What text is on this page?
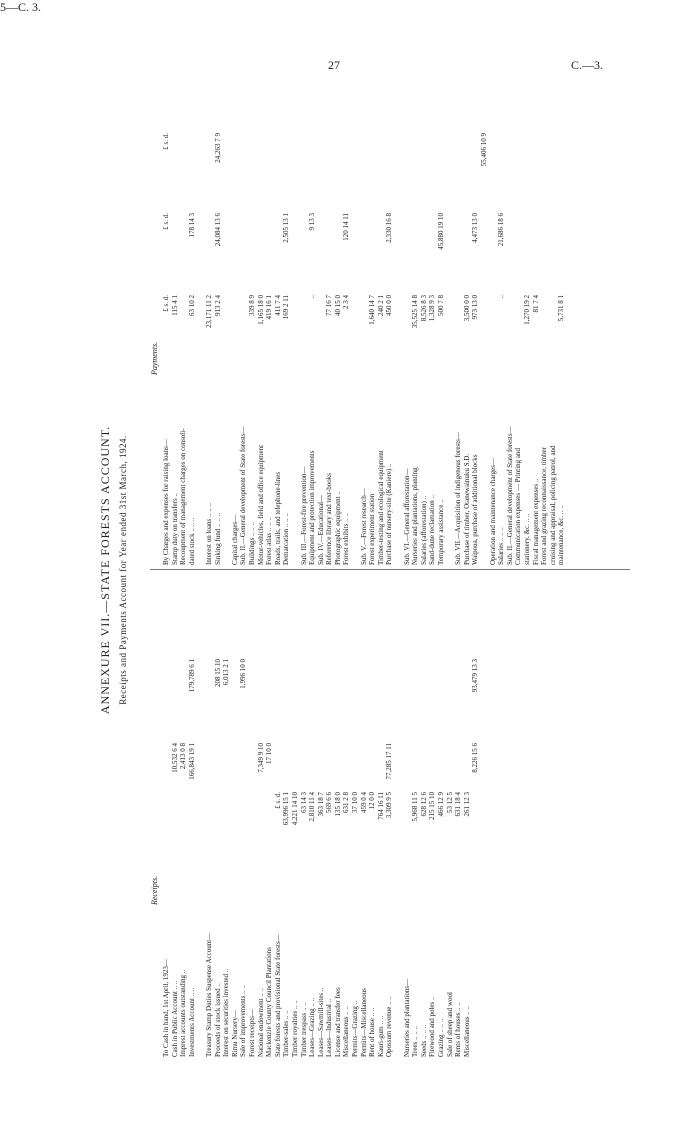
27	C.—3.
5—C. 3.
ANNEXURE VII.—STATE FORESTS ACCOUNT. Receipts and Payments Account for Year ended 31st March, 1924.
Receipts.
Payments.
To Cash in hand, 1st April, 1923— Cash in Public Account .. ..
10,532 6 4
Imprest accounts outstanding ..
2,413 0 8
Investments Account .. ..
166,843 19 1
179,789 6 1
Treasury Stamp Duties Suspense Account— Proceeds of stock issued ..
208 15 10
Interest on securities invested ..
6,013 2 1
Rimu Nursery— Sale of improvements .. ..
1,996 10 0
Forest receipts— National endowment .. ..
7,349 9 10
Mackenzie County Council Plantations
17 10 0
State forests and provisional State forests—
£ s. d.
Timber-sales .. ..
63,996 15 1
Timber royalties .. ..
4,221 14 10
Timber trespass .. ..
63 14 3
Leases—Grazing .. ..
2,810 11 4
Leases—Sawmill-sites ..
363 18 7
Leases—Industrial ..
569 6 6
License and transfer fees
135 18 0
Miscellaneous .. ..
631 2 8
Permits—Grazing ..
37 10 0
Permits—Miscellaneous
459 0 4
Rent of house .. ..
12 0 0
Kauri-gum .. ..
764 16 11
Opossum revenue .. ..
3,309 9 5
77,285 17 11
Nurseries and plantations— Trees .. .. ..
5,968 11 5
Seeds .. .. ..
628 12 6
Firewood and poles ..
215 15 10
Grazing .. .. ..
466 12 9
Sale of sheep and wool
53 12 5
Rents of houses .. ..
631 18 4
Miscellaneous .. ..
261 12 3
8,226 15 6
93,479 13 3
By Charges and expenses for raising loans—
£ s. d.
£ s. d.
£ s. d.
Stamp duty on transfers ..
115 4 1
Recoupment of management charges on consoli- dated stock .. .. ..
63 10 2
178 14 3
Interest on loans .. .. ..
23,171 11 2
Sinking fund .. .. ..
913 2 4
24,084 13 6
24,263 7 9
Capital charges— Sub. II.—General development of State forests— Buildings .. .. ..
339 8 9
Motor-vehicles, field and office equipment
1,165 18 0
Forest atlas .. .. ..
419 16 1
Roads, trails, and telephone-lines
411 7 4
Demarcation .. .. ..
169 2 11
2,505 13 1
Sub. III.—Forest-fire prevention— Equipment and protection improvements
..
9 13 3
Sub. IV.—Educational— Reference library and text-books
77 16 7
Photographic equipment ..
40 15 0
Forest exhibits .. ..
2 3 4
120 14 11
Sub. V.—Forest research— Forest experiment station
1,640 14 7
Timber-testing and ecological equipment
240 2 1
Purchase of nursery-site (Kaniere) ..
450 0 0
2,330 16 8
Sub. VI.—General afforestation— Nurseries and plantations, planting
35,525 14 8
Salaries (afforestation) ..
8,526 8 3
Sand-dune reclamation ..
1,328 9 3
Temporary assistance ..
500 7 8
45,880 19 10
Sub. VII.—Acquisition of indigenous forests— Purchase of timber, Otanewainuku S.D.
3,500 0 0
Waipoua, purchase of additional blocks
973 13 0
4,473 13 0
55,406 10 9
Operation and maintenance charges— Salaries .. .. ..
..
21,686 18 6
Sub. II.—General development of State forests— Communication expenses — Printing and stationery, &c. .. ..
1,270 19 2
Fiscal management expenses ..
81 7 4
Forest and grazing reconnaissance, timber cruising and appraisal, policing patrol, and maintenance, &c. .. ..
5,731 8 1
